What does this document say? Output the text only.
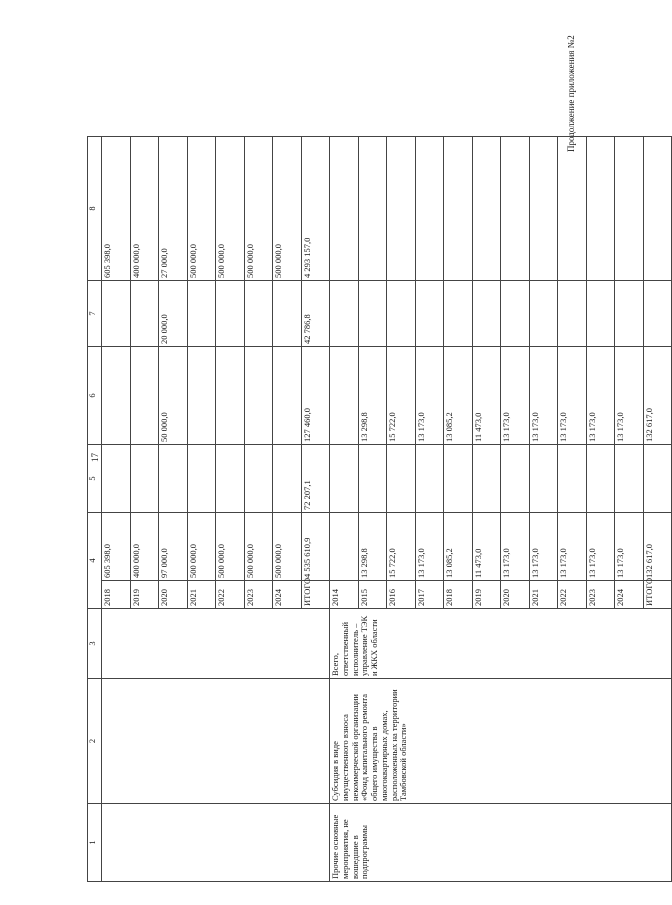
Продолжение приложения №2
17
1	2	3	4		5	6	7	8
			2018	605 398,0				605 398,0
			2019	400 000,0				400 000,0
			2020	97 000,0		50 000,0	20 000,0	27 000,0
			2021	500 000,0				500 000,0
			2022	500 000,0				500 000,0
			2023	500 000,0				500 000,0
			2024	500 000,0				500 000,0
			ИТОГО	4 535 610,9	72 207,1	127 460,0	42 786,8	4 293 157,0
Прочие основные мероприятия, не вошедшие в подпрограммы	Субсидия в виде имущественного взноса некоммерческой организации «Фонд капитального ремонта общего имущества в многоквартирных домах, расположенных на территории Тамбовской области»	Всего, ответственный исполнитель – управление ТЭК и ЖКХ области	2014					
			2015	13 298,8		13 298,8		
			2016	15 722,0		15 722,0		
			2017	13 173,0		13 173,0		
			2018	13 085,2		13 085,2		
			2019	11 473,0		11 473,0		
			2020	13 173,0		13 173,0		
			2021	13 173,0		13 173,0		
			2022	13 173,0		13 173,0		
			2023	13 173,0		13 173,0		
			2024	13 173,0		13 173,0		
			ИТОГО	132 617,0		132 617,0		
